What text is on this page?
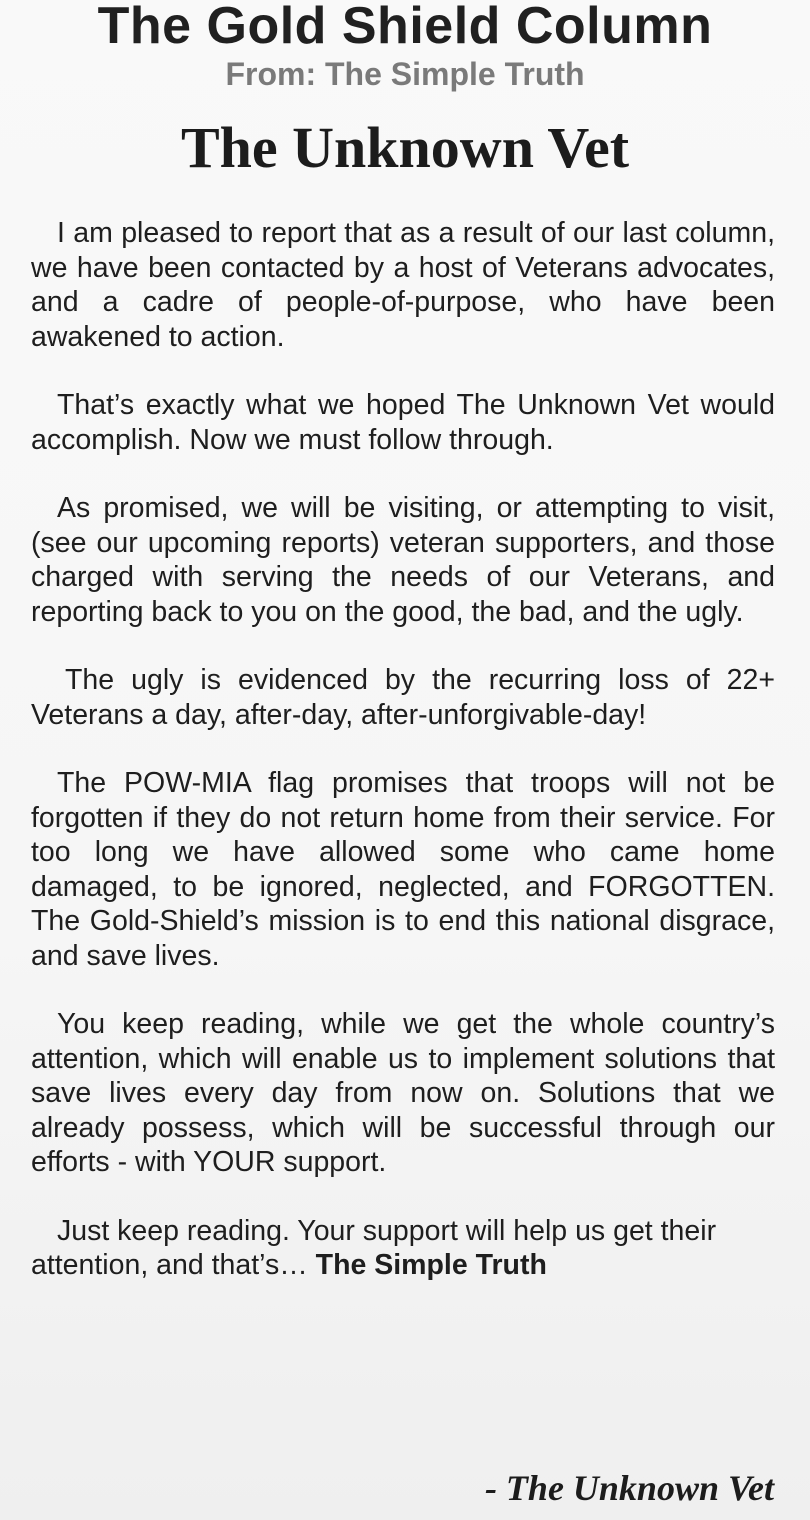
The Gold Shield Column
From: The Simple Truth
The Unknown Vet

I am pleased to report that as a result of our last column, we have been contacted by a host of Veterans advocates, and a cadre of people-of-purpose, who have been awakened to action.

That’s exactly what we hoped The Unknown Vet would accomplish. Now we must follow through.

As promised, we will be visiting, or attempting to visit, (see our upcoming reports) veteran supporters, and those charged with serving the needs of our Veterans, and reporting back to you on the good, the bad, and the ugly.

The ugly is evidenced by the recurring loss of 22+ Veterans a day, after-day, after-unforgivable-day!

The POW-MIA flag promises that troops will not be forgotten if they do not return home from their service. For too long we have allowed some who came home damaged, to be ignored, neglected, and FORGOTTEN. The Gold-Shield’s mission is to end this national disgrace, and save lives.

You keep reading, while we get the whole country’s attention, which will enable us to implement solutions that save lives every day from now on. Solutions that we already possess, which will be successful through our efforts - with YOUR support.

Just keep reading. Your support will help us get their attention, and that’s… The Simple Truth

- The Unknown Vet
